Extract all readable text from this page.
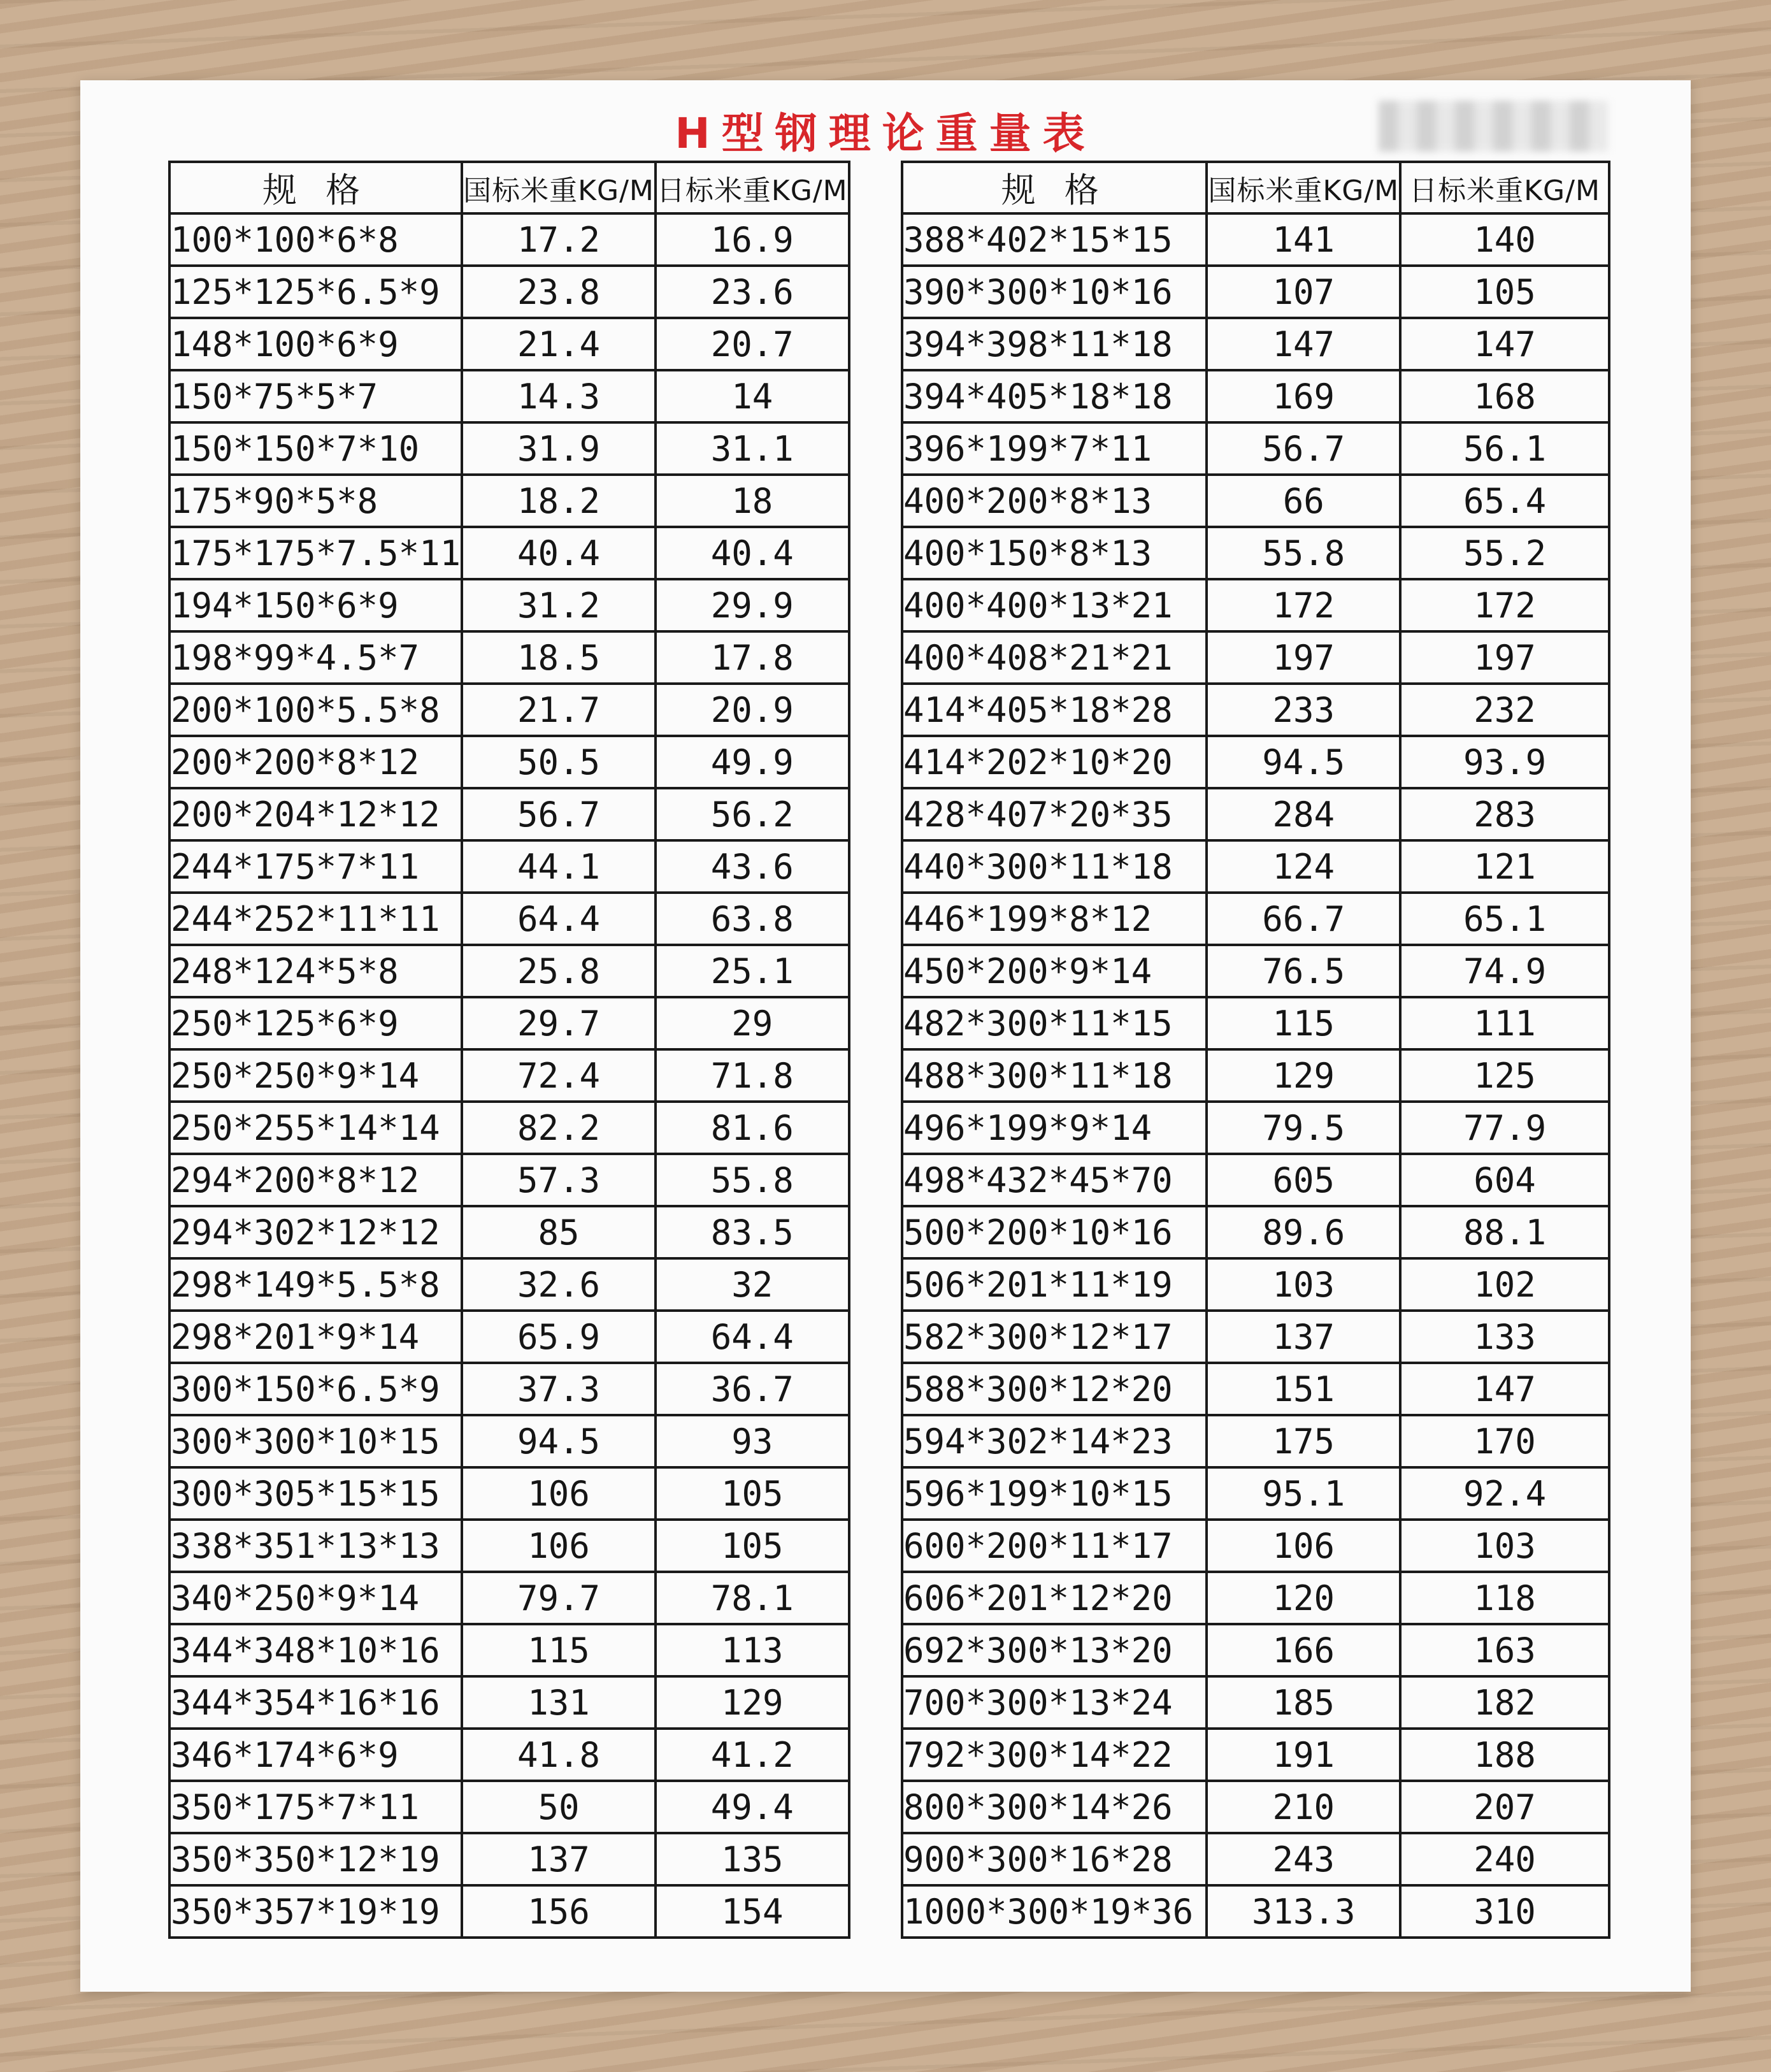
H型钢理论重量表
规 格	国标米重KG/M	日标米重KG/M
100*100*6*8	17.2	16.9
125*125*6.5*9	23.8	23.6
148*100*6*9	21.4	20.7
150*75*5*7	14.3	14
150*150*7*10	31.9	31.1
175*90*5*8	18.2	18
175*175*7.5*11	40.4	40.4
194*150*6*9	31.2	29.9
198*99*4.5*7	18.5	17.8
200*100*5.5*8	21.7	20.9
200*200*8*12	50.5	49.9
200*204*12*12	56.7	56.2
244*175*7*11	44.1	43.6
244*252*11*11	64.4	63.8
248*124*5*8	25.8	25.1
250*125*6*9	29.7	29
250*250*9*14	72.4	71.8
250*255*14*14	82.2	81.6
294*200*8*12	57.3	55.8
294*302*12*12	85	83.5
298*149*5.5*8	32.6	32
298*201*9*14	65.9	64.4
300*150*6.5*9	37.3	36.7
300*300*10*15	94.5	93
300*305*15*15	106	105
338*351*13*13	106	105
340*250*9*14	79.7	78.1
344*348*10*16	115	113
344*354*16*16	131	129
346*174*6*9	41.8	41.2
350*175*7*11	50	49.4
350*350*12*19	137	135
350*357*19*19	156	154
规 格	国标米重KG/M	日标米重KG/M
388*402*15*15	141	140
390*300*10*16	107	105
394*398*11*18	147	147
394*405*18*18	169	168
396*199*7*11	56.7	56.1
400*200*8*13	66	65.4
400*150*8*13	55.8	55.2
400*400*13*21	172	172
400*408*21*21	197	197
414*405*18*28	233	232
414*202*10*20	94.5	93.9
428*407*20*35	284	283
440*300*11*18	124	121
446*199*8*12	66.7	65.1
450*200*9*14	76.5	74.9
482*300*11*15	115	111
488*300*11*18	129	125
496*199*9*14	79.5	77.9
498*432*45*70	605	604
500*200*10*16	89.6	88.1
506*201*11*19	103	102
582*300*12*17	137	133
588*300*12*20	151	147
594*302*14*23	175	170
596*199*10*15	95.1	92.4
600*200*11*17	106	103
606*201*12*20	120	118
692*300*13*20	166	163
700*300*13*24	185	182
792*300*14*22	191	188
800*300*14*26	210	207
900*300*16*28	243	240
1000*300*19*36	313.3	310
